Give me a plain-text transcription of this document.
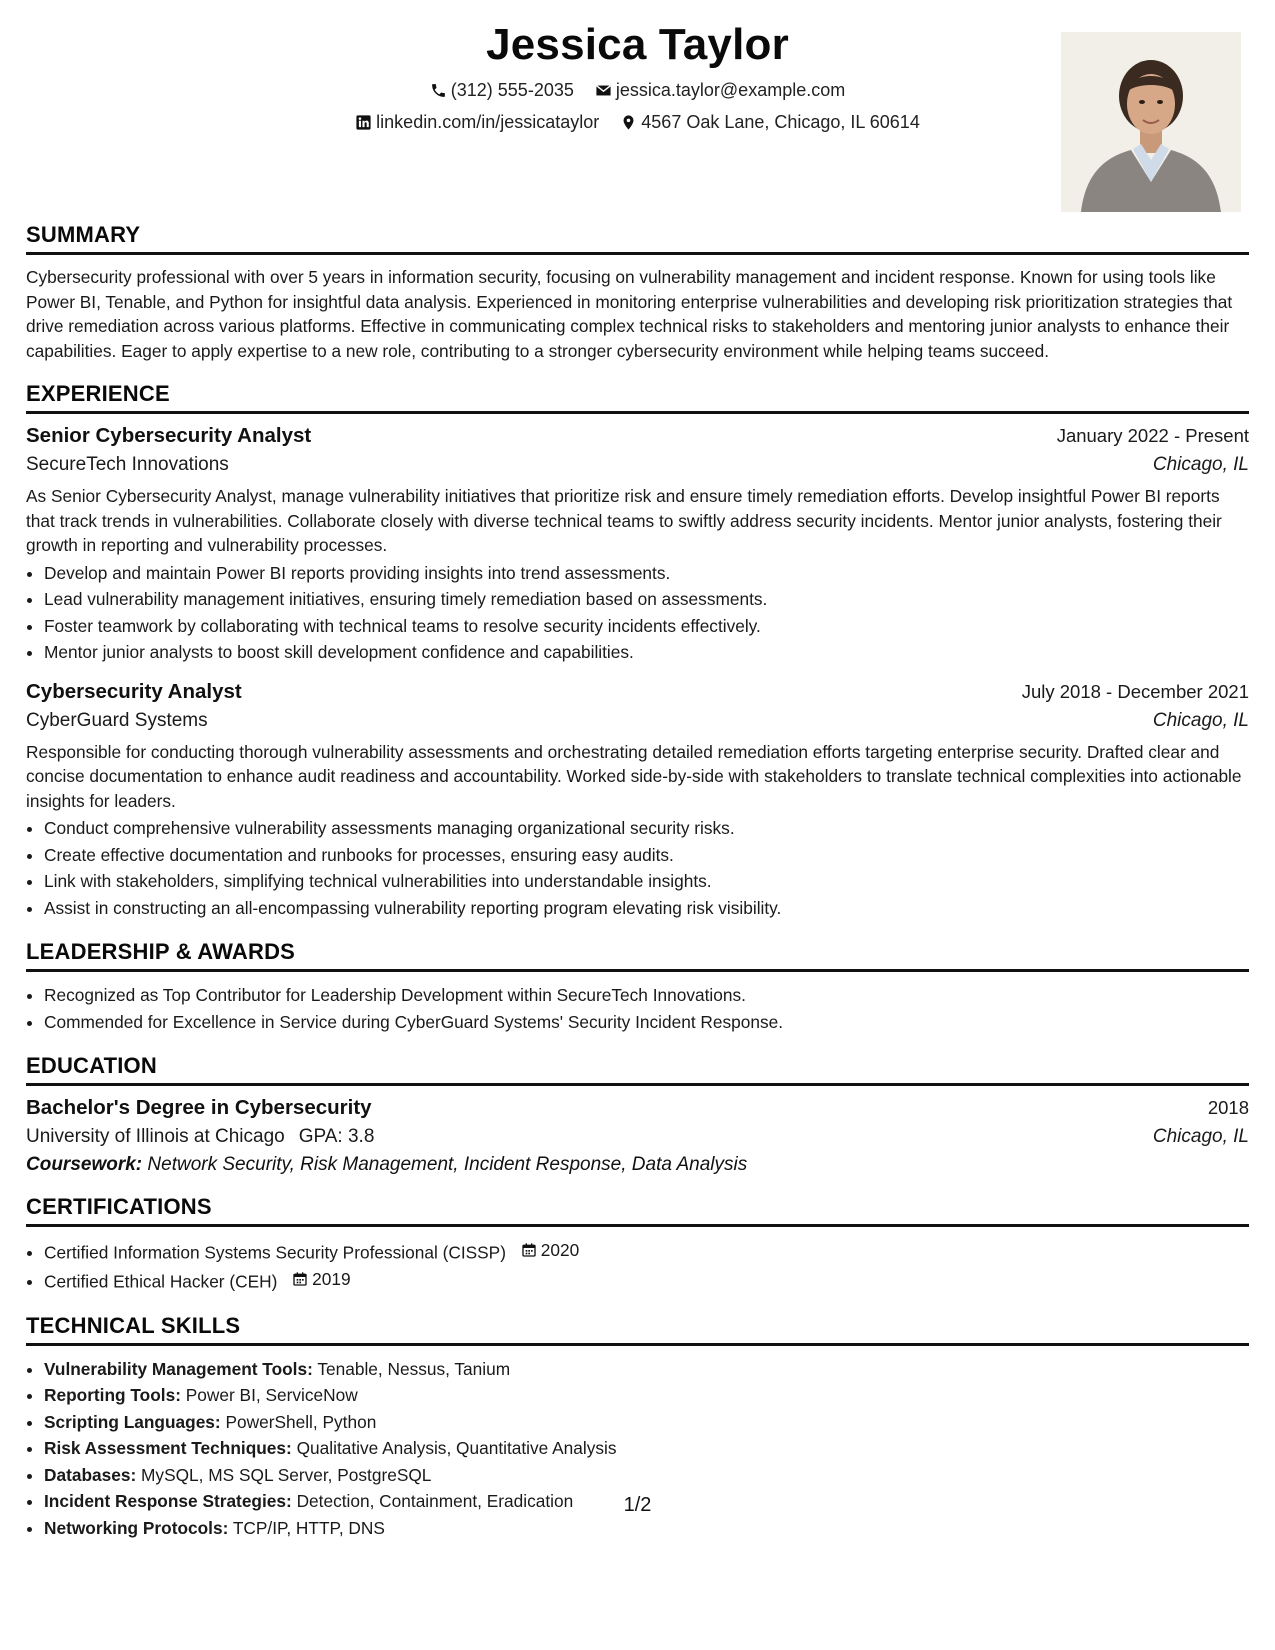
Jessica Taylor
(312) 555-2035
jessica.taylor@example.com
linkedin.com/in/jessicataylor
4567 Oak Lane, Chicago, IL 60614
SUMMARY
Cybersecurity professional with over 5 years in information security, focusing on vulnerability management and incident response. Known for using tools like Power BI, Tenable, and Python for insightful data analysis. Experienced in monitoring enterprise vulnerabilities and developing risk prioritization strategies that drive remediation across various platforms. Effective in communicating complex technical risks to stakeholders and mentoring junior analysts to enhance their capabilities. Eager to apply expertise to a new role, contributing to a stronger cybersecurity environment while helping teams succeed.
EXPERIENCE
Senior Cybersecurity Analyst	January 2022 - Present
SecureTech Innovations	Chicago, IL
As Senior Cybersecurity Analyst, manage vulnerability initiatives that prioritize risk and ensure timely remediation efforts. Develop insightful Power BI reports that track trends in vulnerabilities. Collaborate closely with diverse technical teams to swiftly address security incidents. Mentor junior analysts, fostering their growth in reporting and vulnerability processes.
• Develop and maintain Power BI reports providing insights into trend assessments.
• Lead vulnerability management initiatives, ensuring timely remediation based on assessments.
• Foster teamwork by collaborating with technical teams to resolve security incidents effectively.
• Mentor junior analysts to boost skill development confidence and capabilities.
Cybersecurity Analyst	July 2018 - December 2021
CyberGuard Systems	Chicago, IL
Responsible for conducting thorough vulnerability assessments and orchestrating detailed remediation efforts targeting enterprise security. Drafted clear and concise documentation to enhance audit readiness and accountability. Worked side-by-side with stakeholders to translate technical complexities into actionable insights for leaders.
• Conduct comprehensive vulnerability assessments managing organizational security risks.
• Create effective documentation and runbooks for processes, ensuring easy audits.
• Link with stakeholders, simplifying technical vulnerabilities into understandable insights.
• Assist in constructing an all-encompassing vulnerability reporting program elevating risk visibility.
LEADERSHIP & AWARDS
• Recognized as Top Contributor for Leadership Development within SecureTech Innovations.
• Commended for Excellence in Service during CyberGuard Systems' Security Incident Response.
EDUCATION
Bachelor's Degree in Cybersecurity	2018
University of Illinois at Chicago GPA: 3.8	Chicago, IL
Coursework: Network Security, Risk Management, Incident Response, Data Analysis
CERTIFICATIONS
• Certified Information Systems Security Professional (CISSP) 2020
• Certified Ethical Hacker (CEH) 2019
TECHNICAL SKILLS
• Vulnerability Management Tools: Tenable, Nessus, Tanium
• Reporting Tools: Power BI, ServiceNow
• Scripting Languages: PowerShell, Python
• Risk Assessment Techniques: Qualitative Analysis, Quantitative Analysis
• Databases: MySQL, MS SQL Server, PostgreSQL
• Incident Response Strategies: Detection, Containment, Eradication
• Networking Protocols: TCP/IP, HTTP, DNS
1/2
